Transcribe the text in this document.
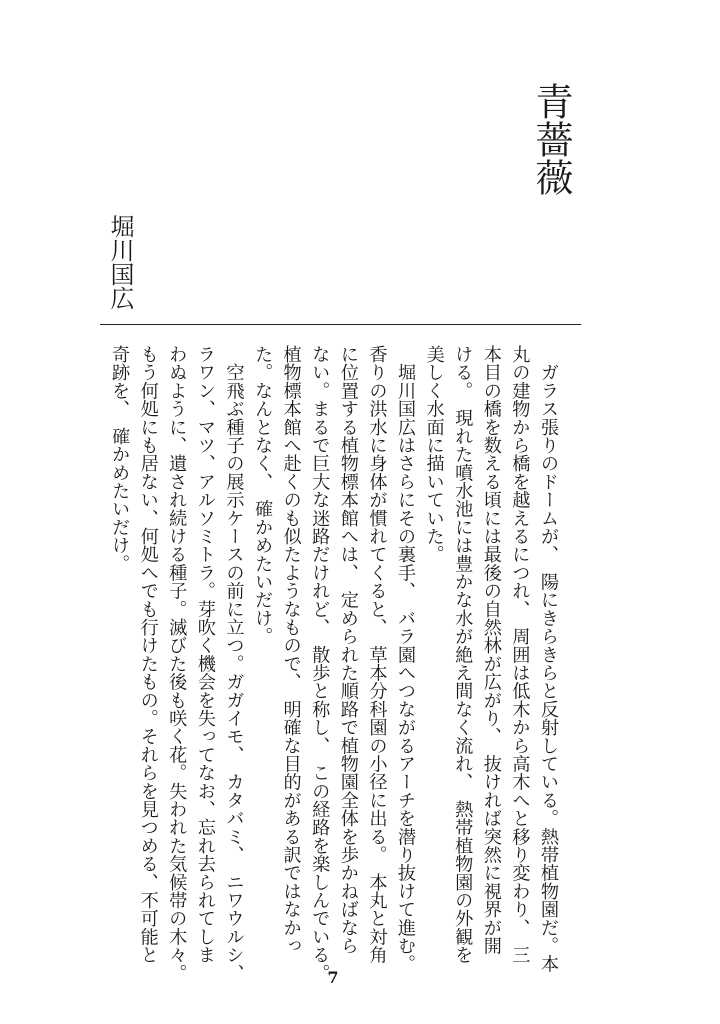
青薔薇
堀川国広
　ガラス張りのドームが、　陽にきらきらと反射している。熱帯植物園だ。本
丸の建物から橋を越えるにつれ、　周囲は低木から高木へと移り変わり、　三
本目の橋を数える頃には最後の自然林が広がり、　抜ければ突然に視界が開
ける。　現れた噴水池には豊かな水が絶え間なく流れ、　熱帯植物園の外観を
美しく水面に描いていた。
　堀川国広はさらにその裏手、　バラ園へつながるアーチを潜り抜けて進む。
香りの洪水に身体が慣れてくると、　草本分科園の小径に出る。　本丸と対角
に位置する植物標本館へは、　定められた順路で植物園全体を歩かねばなら
ない。まるで巨大な迷路だけれど、　散歩と称し、　この経路を楽しんでいる。
植物標本館へ赴くのも似たようなもので、　明確な目的がある訳ではなかっ
た。なんとなく、　確かめたいだけ。
　空飛ぶ種子の展示ケースの前に立つ。ガガイモ、　カタバミ、　ニワウルシ、
ラワン、マツ、アルソミトラ。芽吹く機会を失ってなお、忘れ去られてしま
わぬように、遺され続ける種子。滅びた後も咲く花。失われた気候帯の木々。
もう何処にも居ない、何処へでも行けたもの。それらを見つめる、不可能と
奇跡を、　確かめたいだけ。
7
